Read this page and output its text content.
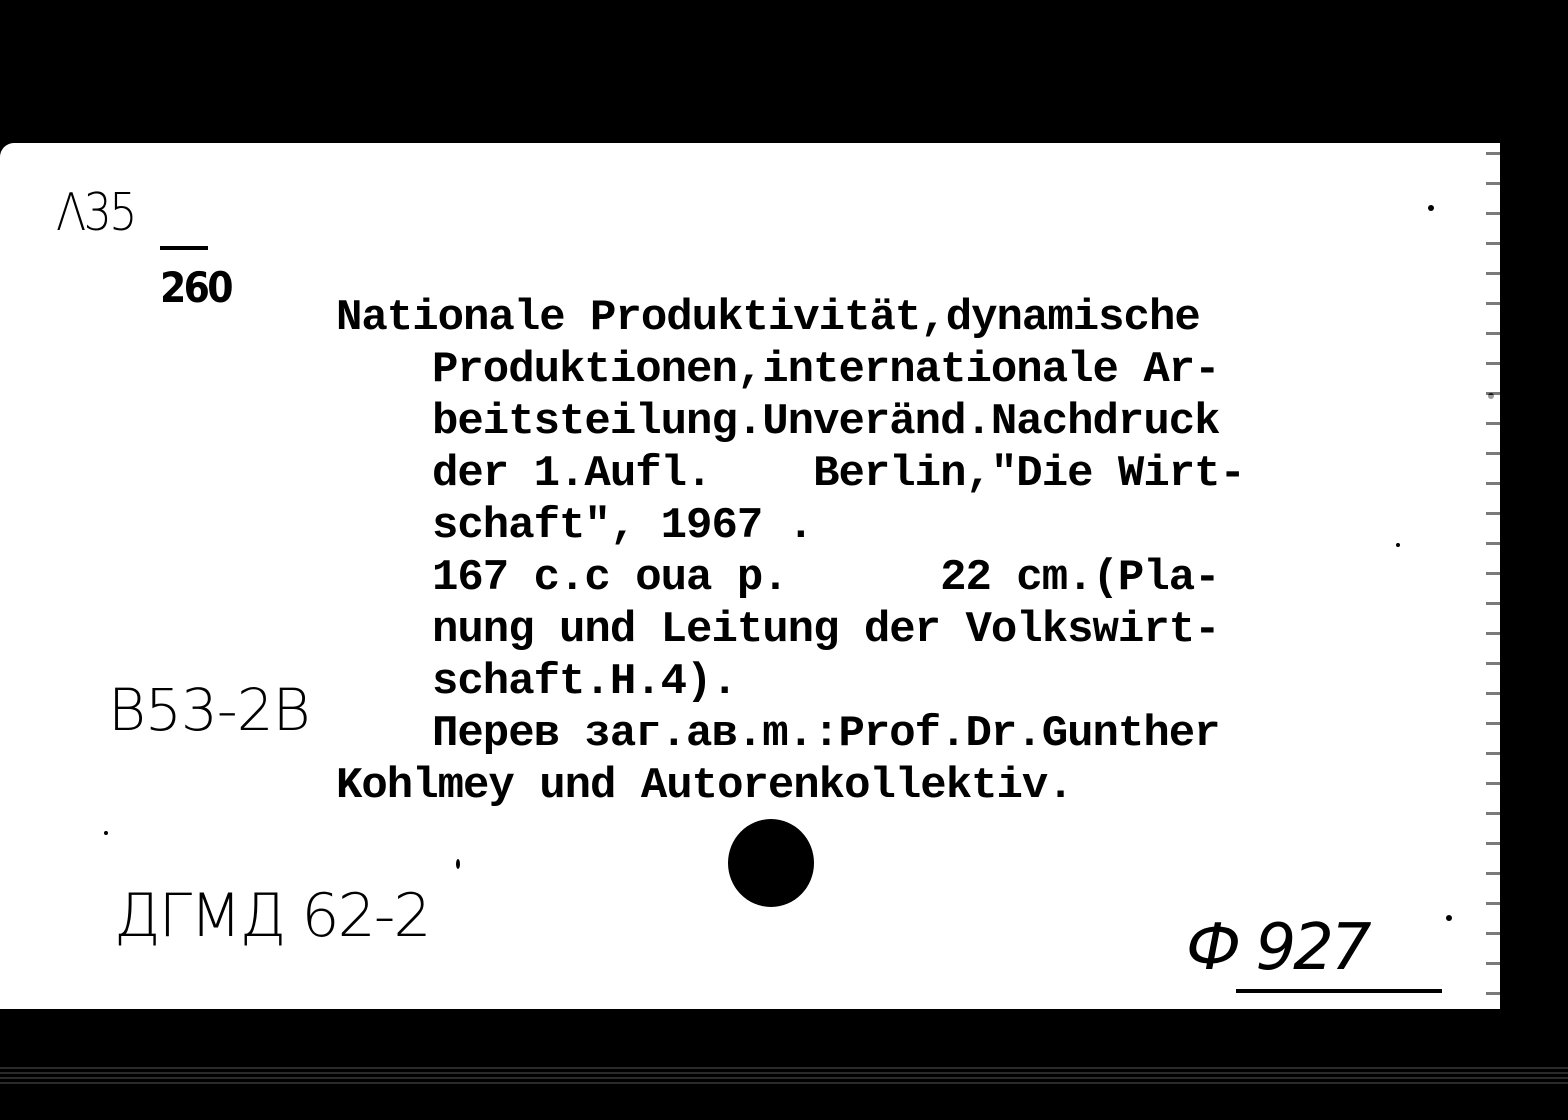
Λ35
260
Nationale Produktivität,dynamische
Produktionen,internationale Ar-
beitsteilung.Unveränd.Nachdruck
der 1.Aufl.    Berlin,"Die Wirt-
schaft", 1967 .
167 c.c oua p.      22 cm.(Pla-
nung und Leitung der Volkswirt-
schaft.H.4).
Перев заг.ав.m.:Prof.Dr.Gunther
Kohlmey und Autorenkollektiv.
B53-2B
ДГМД 62-2	Ф 927
